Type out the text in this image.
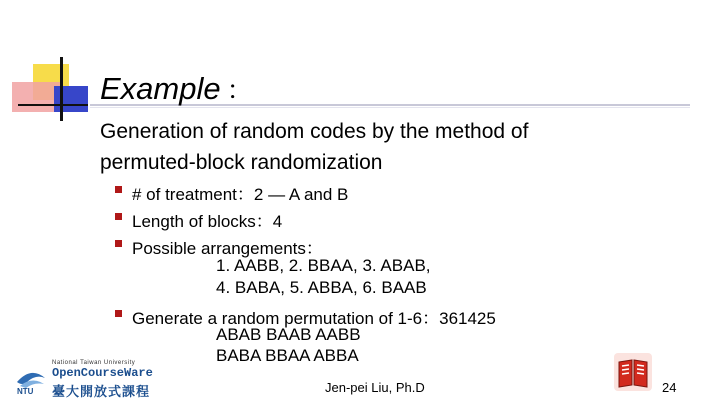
Example ：
Generation of random codes by the method of
permuted-block randomization
# of treatment：2 — A and B
Length of blocks：4
Possible arrangements：
1. AABB, 2. BBAA, 3. ABAB,
4. BABA, 5. ABBA, 6. BAAB
Generate a random permutation of 1-6：361425
ABAB BAAB AABB
BABA BBAA ABBA
NTU
National Taiwan University
OpenCourseWare
臺大開放式課程	Jen-pei Liu, Ph.D	24
